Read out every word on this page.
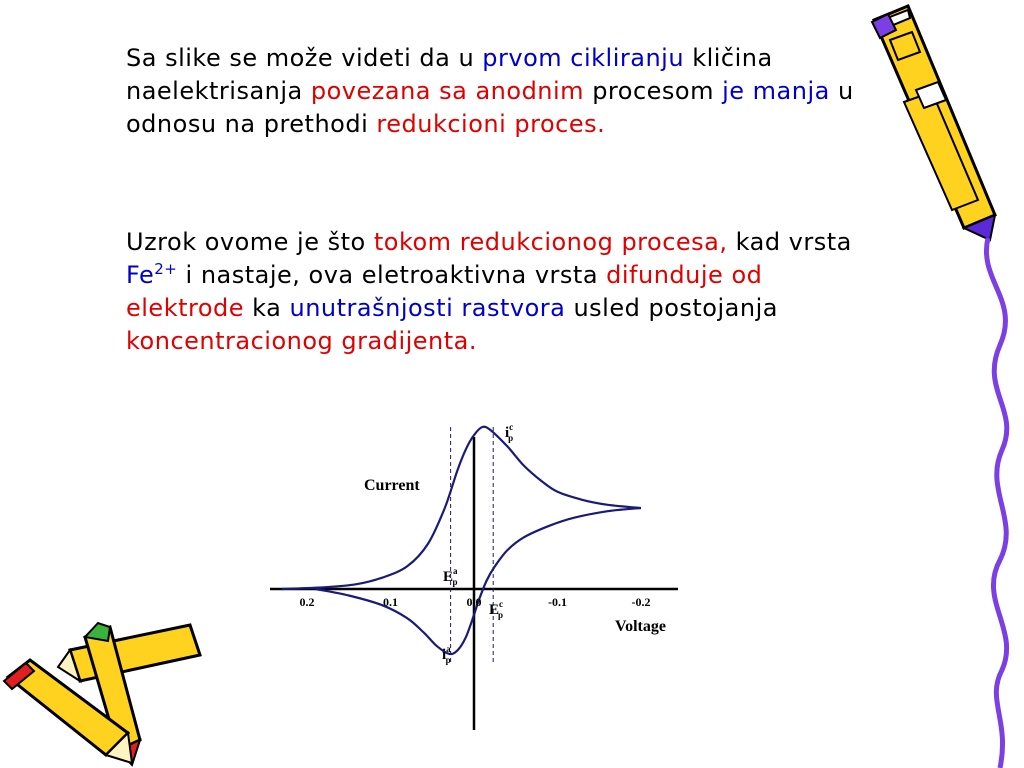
Sa slike se može videti da u prvom cikliranju kličina naelektrisanja povezana sa anodnim procesom je manja u odnosu na prethodi redukcioni proces.
Uzrok ovome je što tokom redukcionog procesa, kad vrsta $Fe^{2+}$ i nastaje, ova eletroaktivna vrsta difunduje od elektrode ka unutrašnjosti rastvora usled postojanja koncentracionog gradijenta.
0.2	0.1	0.0	-0.1	-0.2
Current
Voltage
$i^c$ p
$E^a$ p
$E^c$ p
$i^a$ p
